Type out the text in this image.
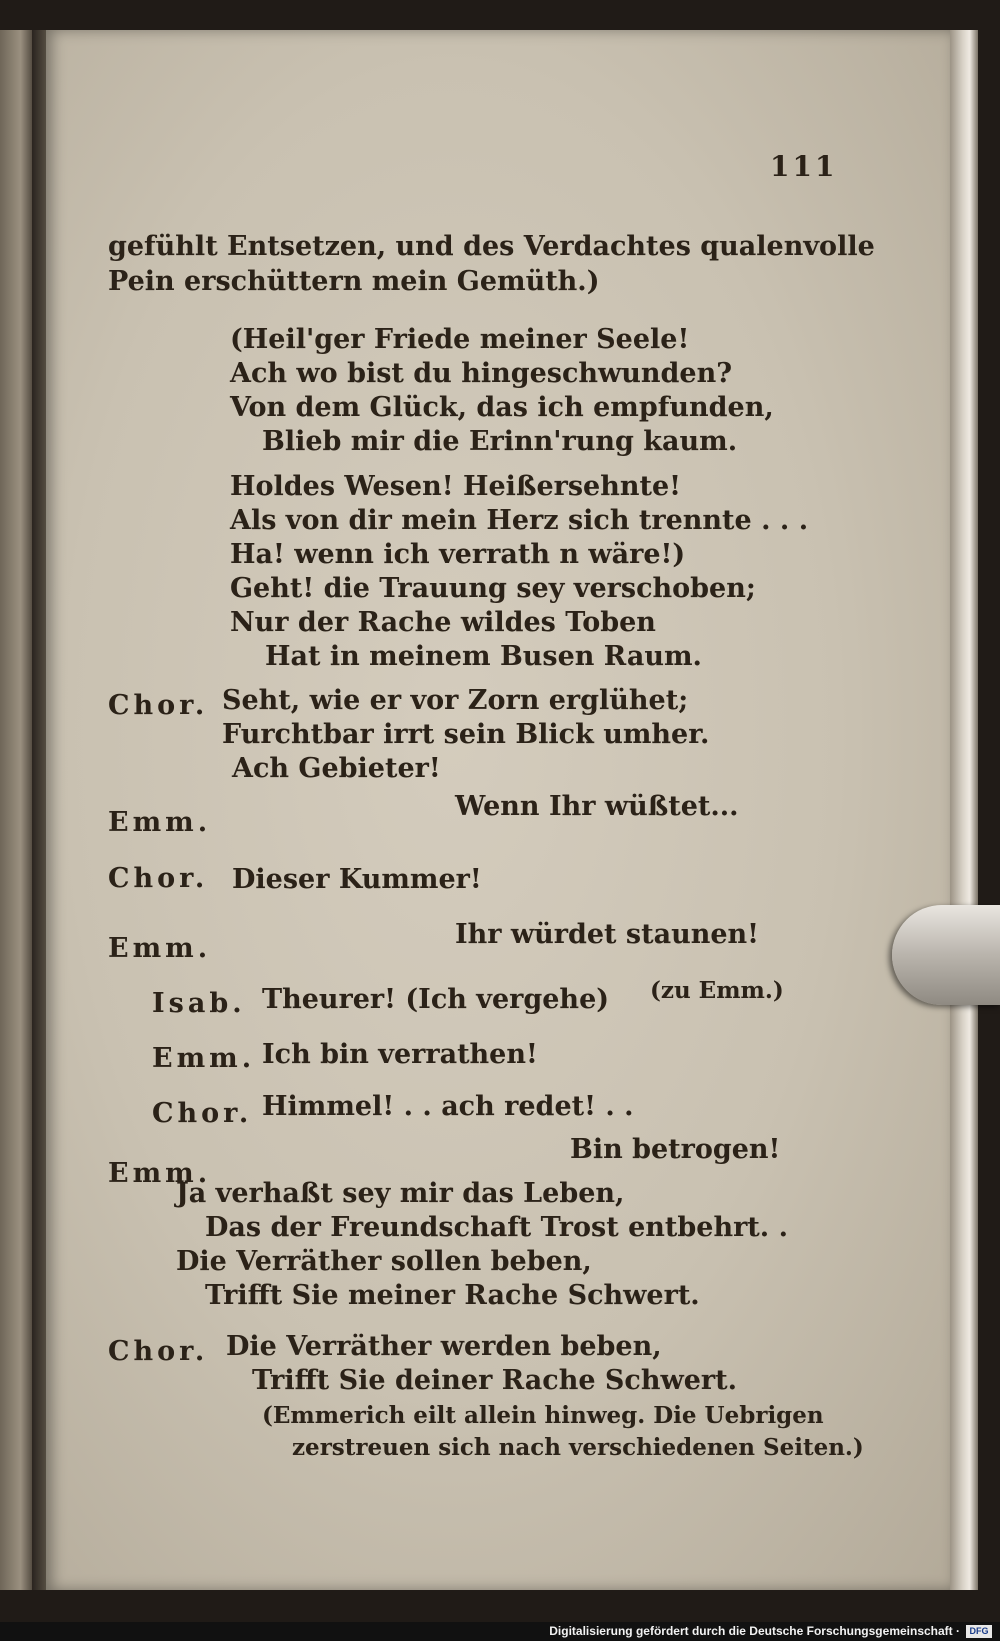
111
gefühlt Entsetzen, und des Verdachtes qualenvolle
Pein erschüttern mein Gemüth.)
(Heil'ger Friede meiner Seele!
Ach wo bist du hingeschwunden?
Von dem Glück, das ich empfunden,
Blieb mir die Erinn'rung kaum.
Holdes Wesen! Heißersehnte!
Als von dir mein Herz sich trennte . . .
Ha! wenn ich verrath n wäre!)
Geht! die Trauung sey verschoben;
Nur der Rache wildes Toben
Hat in meinem Busen Raum.
Chor. Seht, wie er vor Zorn erglühet;
Furchtbar irrt sein Blick umher.
Ach Gebieter!
Emm.
Wenn Ihr wüßtet...
Chor. Dieser Kummer!
Emm.	Ihr würdet staunen!
Isab. Theurer! (Ich vergehe) (zu Emm.)
Emm. Ich bin verrathen!
Chor. Himmel! . . ach redet! . .
Emm.
Bin betrogen!
Ja verhaßt sey mir das Leben,
Das der Freundschaft Trost entbehrt. .
Die Verräther sollen beben,
Trifft Sie meiner Rache Schwert.
Chor. Die Verräther werden beben,
Trifft Sie deiner Rache Schwert.
(Emmerich eilt allein hinweg. Die Uebrigen
zerstreuen sich nach verschiedenen Seiten.)
Digitalisierung gefördert durch die Deutsche Forschungsgemeinschaft ·	DFG
